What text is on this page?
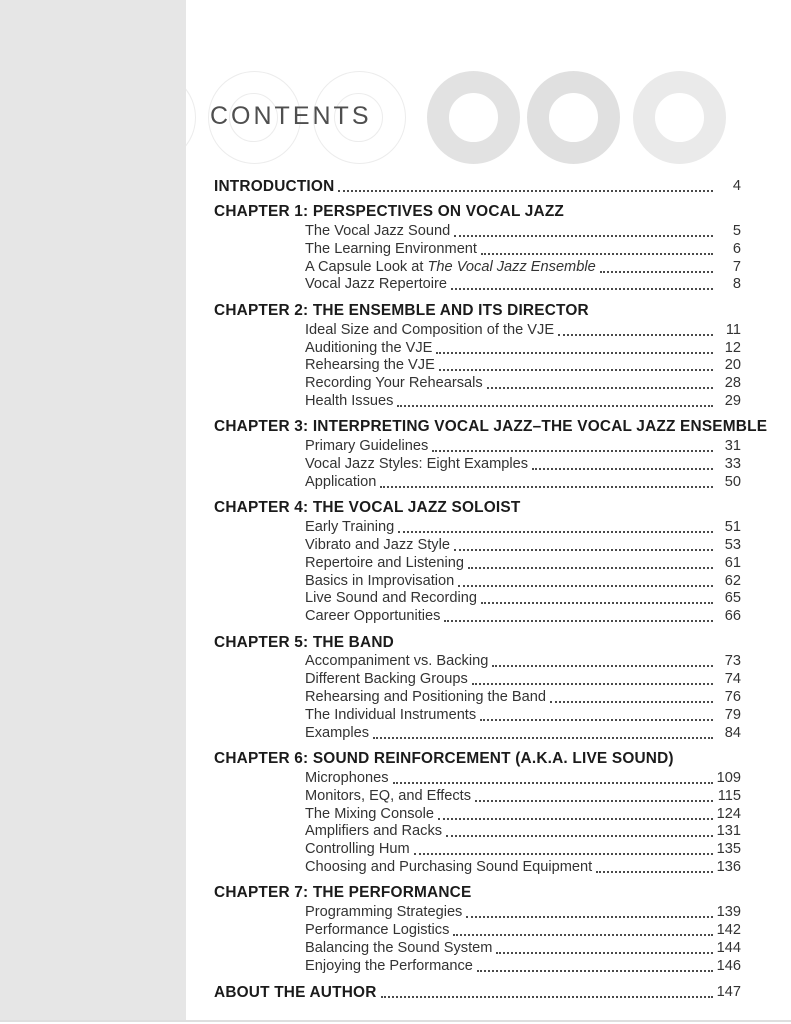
CONTENTS
INTRODUCTION	4
CHAPTER 1: PERSPECTIVES ON VOCAL JAZZ
The Vocal Jazz Sound	5
The Learning Environment	6
A Capsule Look at The Vocal Jazz Ensemble	7
Vocal Jazz Repertoire	8
CHAPTER 2: THE ENSEMBLE AND ITS DIRECTOR
Ideal Size and Composition of the VJE	11
Auditioning the VJE	12
Rehearsing the VJE	20
Recording Your Rehearsals	28
Health Issues	29
CHAPTER 3: INTERPRETING VOCAL JAZZ–THE VOCAL JAZZ ENSEMBLE
Primary Guidelines	31
Vocal Jazz Styles: Eight Examples	33
Application	50
CHAPTER 4: THE VOCAL JAZZ SOLOIST
Early Training	51
Vibrato and Jazz Style	53
Repertoire and Listening	61
Basics in Improvisation	62
Live Sound and Recording	65
Career Opportunities	66
CHAPTER 5: THE BAND
Accompaniment vs. Backing	73
Different Backing Groups	74
Rehearsing and Positioning the Band	76
The Individual Instruments	79
Examples	84
CHAPTER 6: SOUND REINFORCEMENT (A.K.A. LIVE SOUND)
Microphones	109
Monitors, EQ, and Effects	115
The Mixing Console	124
Amplifiers and Racks	131
Controlling Hum	135
Choosing and Purchasing Sound Equipment	136
CHAPTER 7: THE PERFORMANCE
Programming Strategies	139
Performance Logistics	142
Balancing the Sound System	144
Enjoying the Performance	146
ABOUT THE AUTHOR	147
